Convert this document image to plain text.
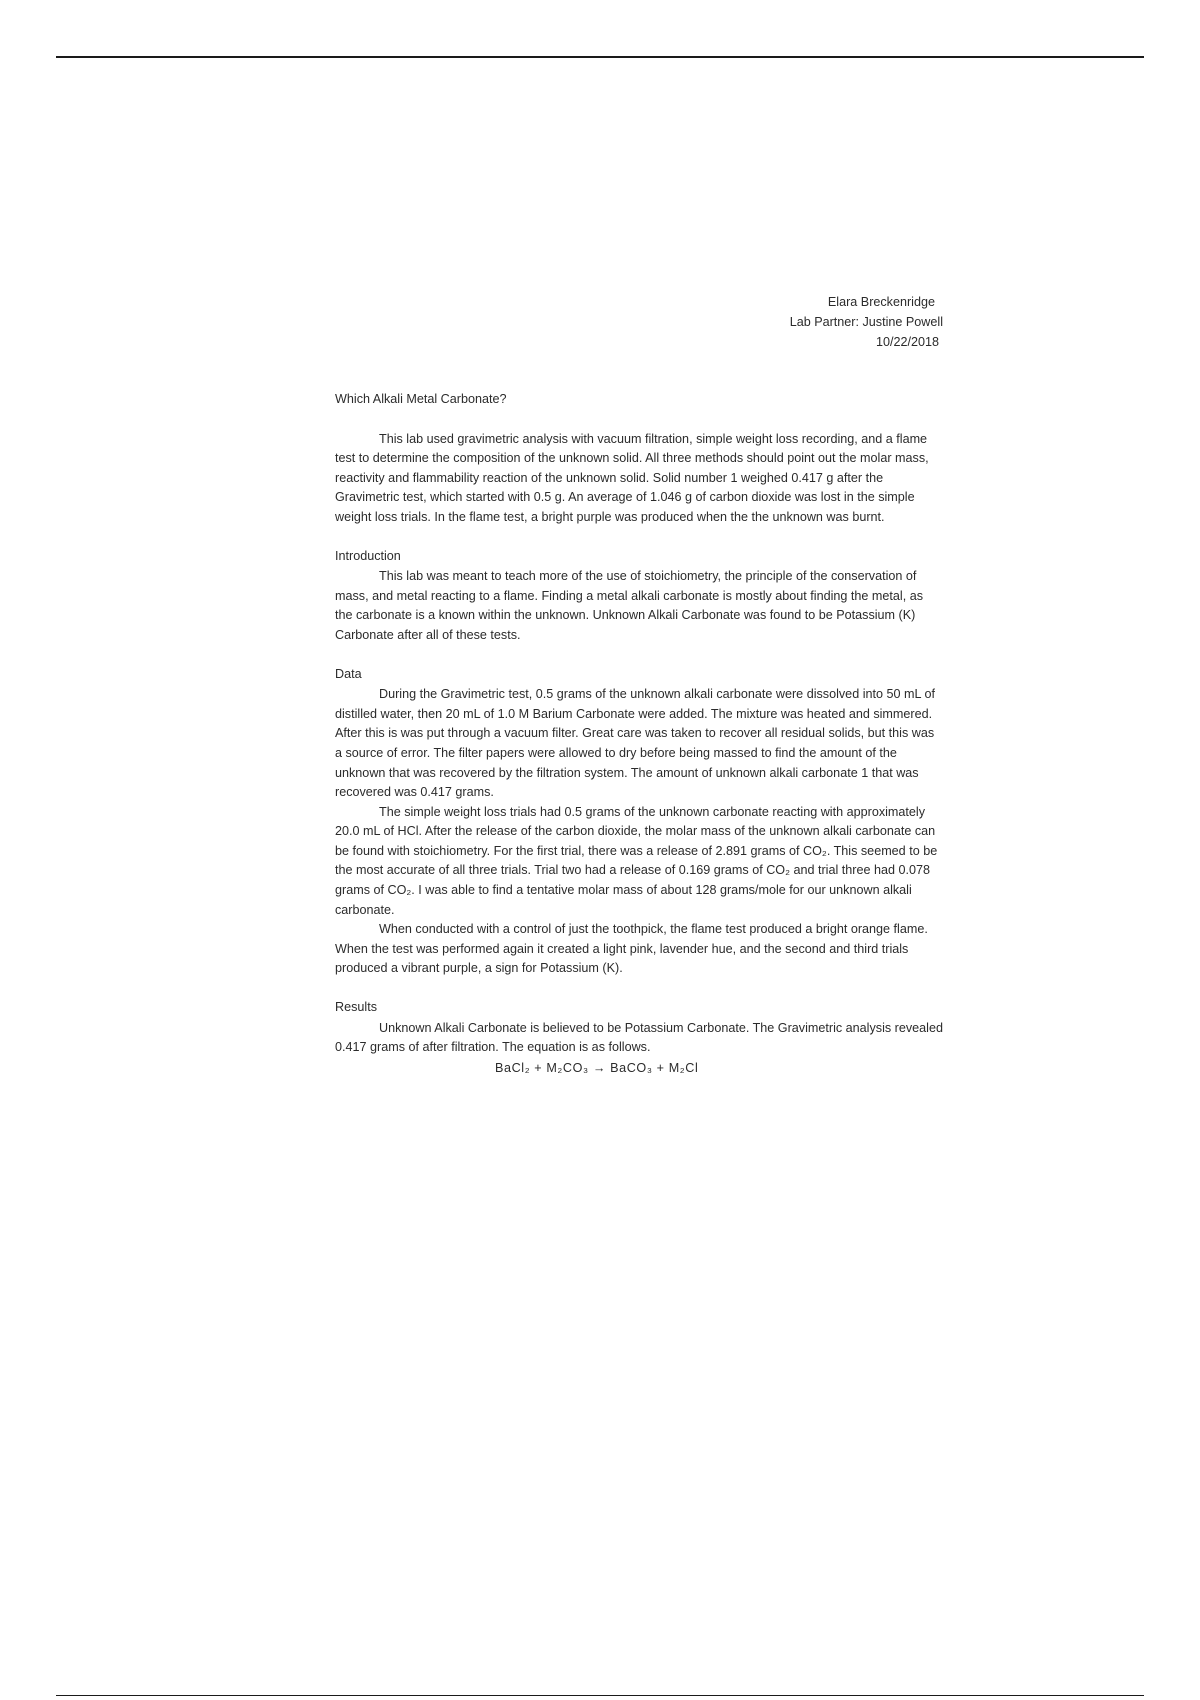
Elara Breckenridge
Lab Partner: Justine Powell
10/22/2018
Which Alkali Metal Carbonate?

This lab used gravimetric analysis with vacuum filtration, simple weight loss recording, and a flame test to determine the composition of the unknown solid. All three methods should point out the molar mass, reactivity and flammability reaction of the unknown solid. Solid number 1 weighed 0.417 g after the Gravimetric test, which started with 0.5 g. An average of 1.046 g of carbon dioxide was lost in the simple weight loss trials. In the flame test, a bright purple was produced when the the unknown was burnt.

Introduction

This lab was meant to teach more of the use of stoichiometry, the principle of the conservation of mass, and metal reacting to a flame. Finding a metal alkali carbonate is mostly about finding the metal, as the carbonate is a known within the unknown. Unknown Alkali Carbonate was found to be Potassium (K) Carbonate after all of these tests.

Data

During the Gravimetric test, 0.5 grams of the unknown alkali carbonate were dissolved into 50 mL of distilled water, then 20 mL of 1.0 M Barium Carbonate were added. The mixture was heated and simmered. After this is was put through a vacuum filter. Great care was taken to recover all residual solids, but this was a source of error. The filter papers were allowed to dry before being massed to find the amount of the unknown that was recovered by the filtration system. The amount of unknown alkali carbonate 1 that was recovered was 0.417 grams.

The simple weight loss trials had 0.5 grams of the unknown carbonate reacting with approximately 20.0 mL of HCl. After the release of the carbon dioxide, the molar mass of the unknown alkali carbonate can be found with stoichiometry. For the first trial, there was a release of 2.891 grams of CO₂. This seemed to be the most accurate of all three trials. Trial two had a release of 0.169 grams of CO₂ and trial three had 0.078 grams of CO₂. I was able to find a tentative molar mass of about 128 grams/mole for our unknown alkali carbonate.

When conducted with a control of just the toothpick, the flame test produced a bright orange flame. When the test was performed again it created a light pink, lavender hue, and the second and third trials produced a vibrant purple, a sign for Potassium (K).

Results

Unknown Alkali Carbonate is believed to be Potassium Carbonate. The Gravimetric analysis revealed 0.417 grams of after filtration. The equation is as follows.

BaCl₂ + M₂CO₃ → BaCO₃ + M₂Cl
